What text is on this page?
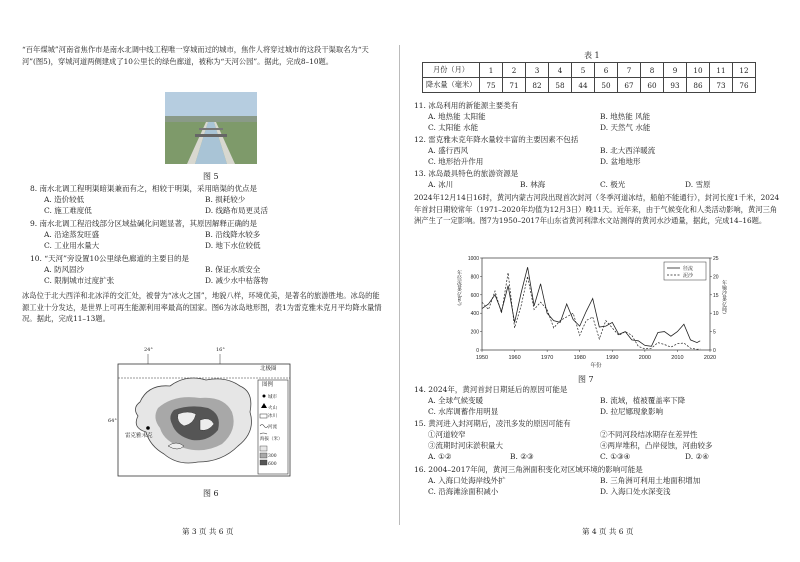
“百年煤城”河南省焦作市是南水北调中线工程唯一穿城而过的城市，焦作人将穿过城市的这段干渠取名为“天河”(图5)，穿城河道两侧建成了10公里长的绿色廊道，被称为“天河公园”。据此，完成8–10题。
图 5
8. 南水北调工程明渠暗渠兼而有之，相较于明渠，采用暗渠的优点是
A. 造价较低	B. 损耗较少
C. 施工难度低	D. 线路布局更灵活
9. 南水北调工程沿线部分区域盐碱化问题显著，其原因解释正确的是
A. 沿途蒸发旺盛	B. 沿线降水较多
C. 工业用水量大	D. 地下水位较低
10. “天河”旁设置10公里绿色廊道的主要目的是
A. 防风固沙	B. 保证水质安全
C. 限制城市过度扩张	D. 减少水中枯落物
冰岛位于北大西洋和北冰洋的交汇处，被誉为“冰火之国”，地貌八样，环境优美，是著名的旅游胜地。冰岛的能源工业十分发达，是世界上可再生能源利用率最高的国家。图6为冰岛地形图，表1为雷克雅未克月平均降水量情况。据此，完成11–13题。
24°	16°
64°
北极圈
雷克雅未克
图例
城市
火山
冰川
河流
海拔（米）
300
600
图 6
第 3 页 共 6 页
表 1
月份（月）	1	2	3	4	5	6	7	8	9	10	11	12
降水量（毫米）	75	71	82	58	44	50	67	60	93	86	73	76
11. 冰岛利用的新能源主要类有
A. 地热能 太阳能	B. 地热能 风能
C. 太阳能 水能	D. 天然气 水能
12. 雷克雅未克年降水量较丰富的主要因素不包括
A. 盛行西风	B. 北大西洋暖流
C. 地形抬升作用	D. 盆地地形
13. 冰岛最具特色的旅游资源是
A. 冰川	B. 林海	C. 极光	D. 雪原
2024年12月14日16时，黄河内蒙古河段出现首次封河（冬季河道冰结，船舶不能通行），封河长度1千米，2024年首封日期较常年（1971–2020年均值为12月3日）晚11天。近年来，由于气候变化和人类活动影响，黄河三角洲产生了一定影响。图7为1950–2017年山东省黄河利津水文站测得的黄河水沙通量，据此，完成14–16题。
1950	1960	1970	1980	1990	2000	2010	2020
0
200
400
600
800
1000
0
5
10
15
20
25
年份
径流
泥沙
年径流量(亿m³)	年输沙量(亿吨)
图 7
14. 2024年，黄河首封日期延后的原因可能是
A. 全球气候变暖	B. 流域，植被覆盖率下降
C. 水库调蓄作用明显	D. 拉尼娜现象影响
15. 黄河进入封河期后，凌汛多发的原因可能有
①河道较窄	②不同河段结冰期存在差异性
③流期时河床淤积量大	④两岸堆积，凸岸侵蚀，河曲较多
A. ①②	B. ②③	C. ①③④	D. ②④
16. 2004–2017年间，黄河三角洲面积变化对区域环境的影响可能是
A. 入海口处海岸线外扩	B. 三角洲可利用土地面积增加
C. 沿海滩涂面积减小	D. 入海口处水深变浅
第 4 页 共 6 页
